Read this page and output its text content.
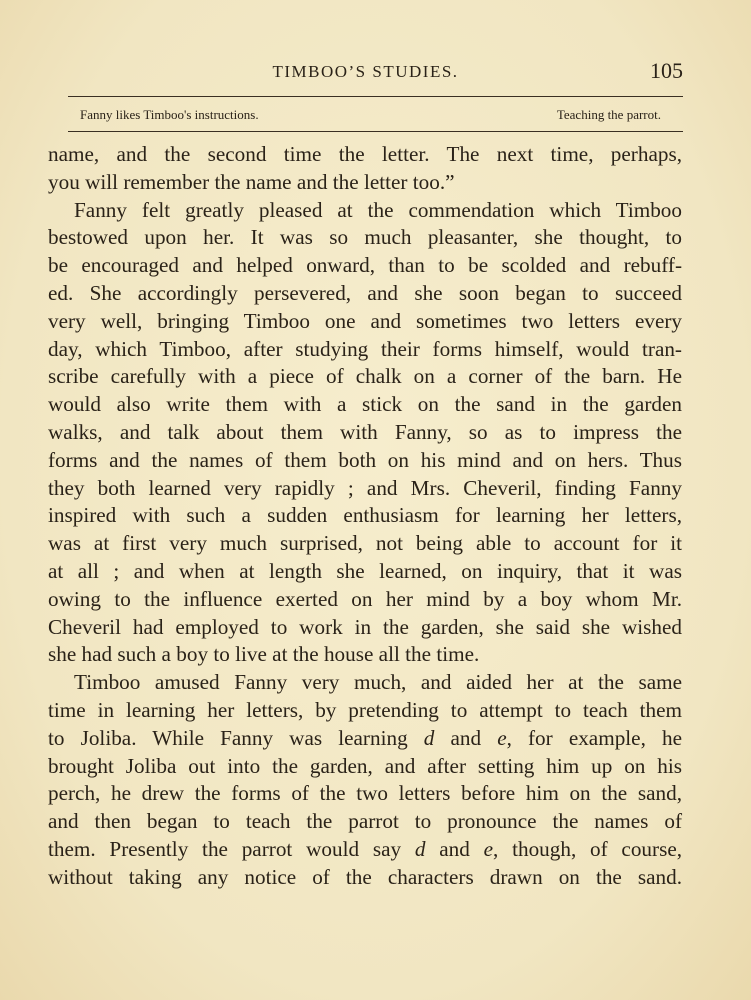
TIMBOO’S STUDIES.	105
Fanny likes Timboo's instructions.	Teaching the parrot.
name, and the second time the letter. The next time, perhaps,
you will remember the name and the letter too.”
Fanny felt greatly pleased at the commendation which Timboo
bestowed upon her. It was so much pleasanter, she thought, to
be encouraged and helped onward, than to be scolded and rebuff-
ed. She accordingly persevered, and she soon began to succeed
very well, bringing Timboo one and sometimes two letters every
day, which Timboo, after studying their forms himself, would tran-
scribe carefully with a piece of chalk on a corner of the barn. He
would also write them with a stick on the sand in the garden
walks, and talk about them with Fanny, so as to impress the
forms and the names of them both on his mind and on hers. Thus
they both learned very rapidly ; and Mrs. Cheveril, finding Fanny
inspired with such a sudden enthusiasm for learning her letters,
was at first very much surprised, not being able to account for it
at all ; and when at length she learned, on inquiry, that it was
owing to the influence exerted on her mind by a boy whom Mr.
Cheveril had employed to work in the garden, she said she wished
she had such a boy to live at the house all the time.
Timboo amused Fanny very much, and aided her at the same
time in learning her letters, by pretending to attempt to teach them
to Joliba. While Fanny was learning d and e, for example, he
brought Joliba out into the garden, and after setting him up on his
perch, he drew the forms of the two letters before him on the sand,
and then began to teach the parrot to pronounce the names of
them. Presently the parrot would say d and e, though, of course,
without taking any notice of the characters drawn on the sand.
